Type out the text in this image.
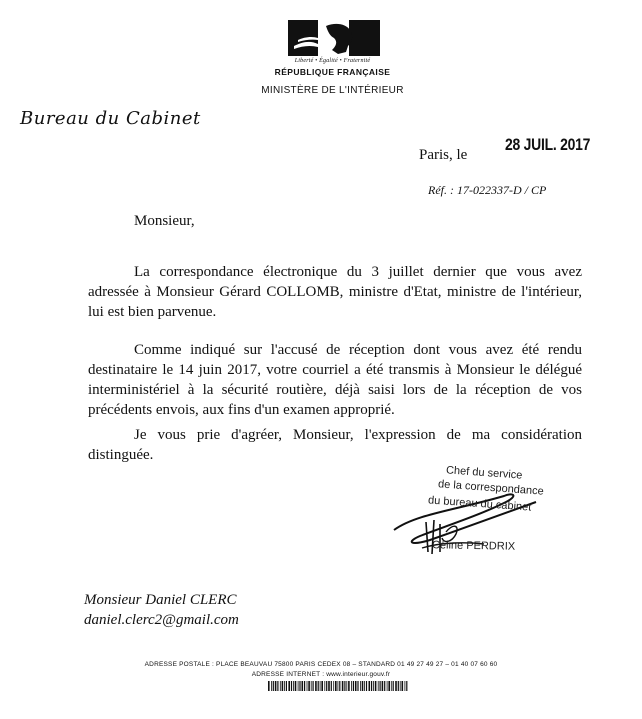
Liberté • Égalité • Fraternité
RÉPUBLIQUE FRANÇAISE
MINISTÈRE DE L'INTÉRIEUR
Bureau du Cabinet
Paris, le
28 JUIL. 2017
Réf. : 17-022337-D / CP
Monsieur,
La correspondance électronique du 3 juillet dernier que vous avez adressée à Monsieur Gérard COLLOMB, ministre d'Etat, ministre de l'intérieur, lui est bien parvenue.
Comme indiqué sur l'accusé de réception dont vous avez été rendu destinataire le 14 juin 2017, votre courriel a été transmis à Monsieur le délégué interministériel à la sécurité routière, déjà saisi lors de la réception de vos précédents envois, aux fins d'un examen approprié.
Je vous prie d'agréer, Monsieur, l'expression de ma considération distinguée.
Chef du service
de la correspondance
du bureau du cabinet
Céline PERDRIX
Monsieur Daniel CLERC
daniel.clerc2@gmail.com
ADRESSE POSTALE : PLACE BEAUVAU 75800 PARIS CEDEX 08 – STANDARD 01 49 27 49 27 – 01 40 07 60 60
ADRESSE INTERNET : www.interieur.gouv.fr
